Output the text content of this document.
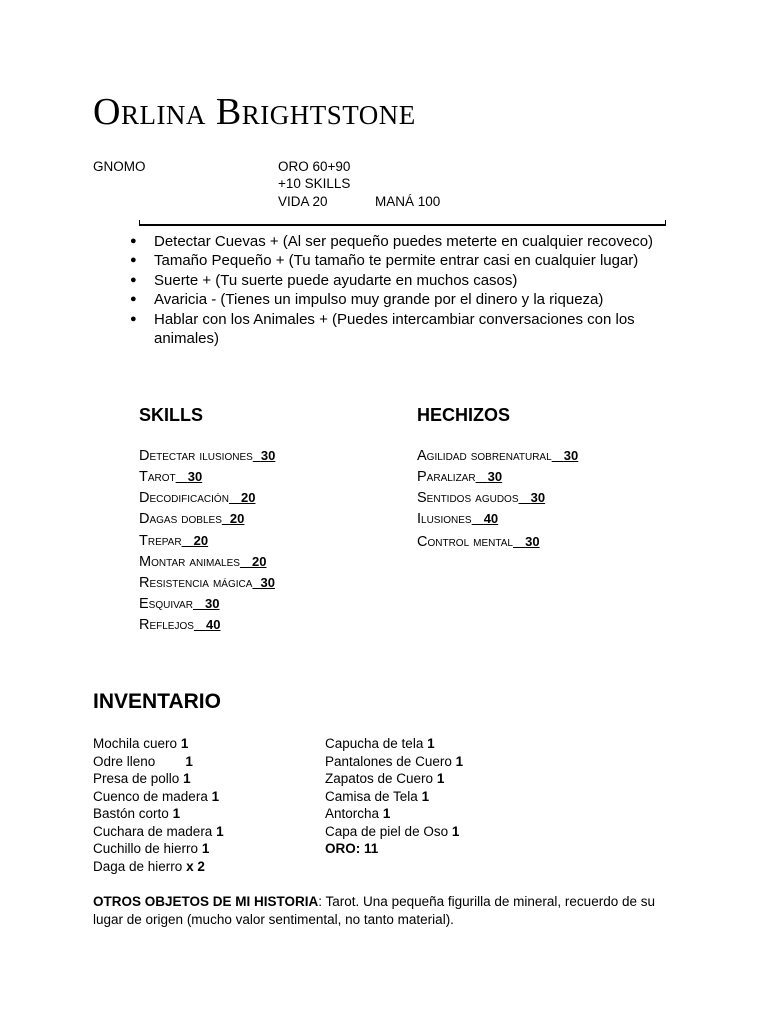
Orlina Brightstone
GNOMO	ORO 60+90
+10 SKILLS
VIDA 20	MANÁ 100
● Detectar Cuevas + (Al ser pequeño puedes meterte en cualquier recoveco)
● Tamaño Pequeño + (Tu tamaño te permite entrar casi en cualquier lugar)
● Suerte + (Tu suerte puede ayudarte en muchos casos)
● Avaricia - (Tienes un impulso muy grande por el dinero y la riqueza)
● Hablar con los Animales + (Puedes intercambiar conversaciones con los animales)
SKILLS	HECHIZOS
Detectar ilusiones 30
Tarot 30
Decodificación 20
Dagas dobles 20
Trepar 20
Montar animales 20
Resistencia mágica 30
Esquivar 30
Reflejos 40
Agilidad sobrenatural 30
Paralizar 30
Sentidos agudos 30
Ilusiones 40
Control mental 30
INVENTARIO
Mochila cuero 1
Odre lleno 1
Presa de pollo 1
Cuenco de madera 1
Bastón corto 1
Cuchara de madera 1
Cuchillo de hierro 1
Daga de hierro x 2
Capucha de tela 1
Pantalones de Cuero 1
Zapatos de Cuero 1
Camisa de Tela 1
Antorcha 1
Capa de piel de Oso 1
ORO: 11
OTROS OBJETOS DE MI HISTORIA: Tarot. Una pequeña figurilla de mineral, recuerdo de su lugar de origen (mucho valor sentimental, no tanto material).
